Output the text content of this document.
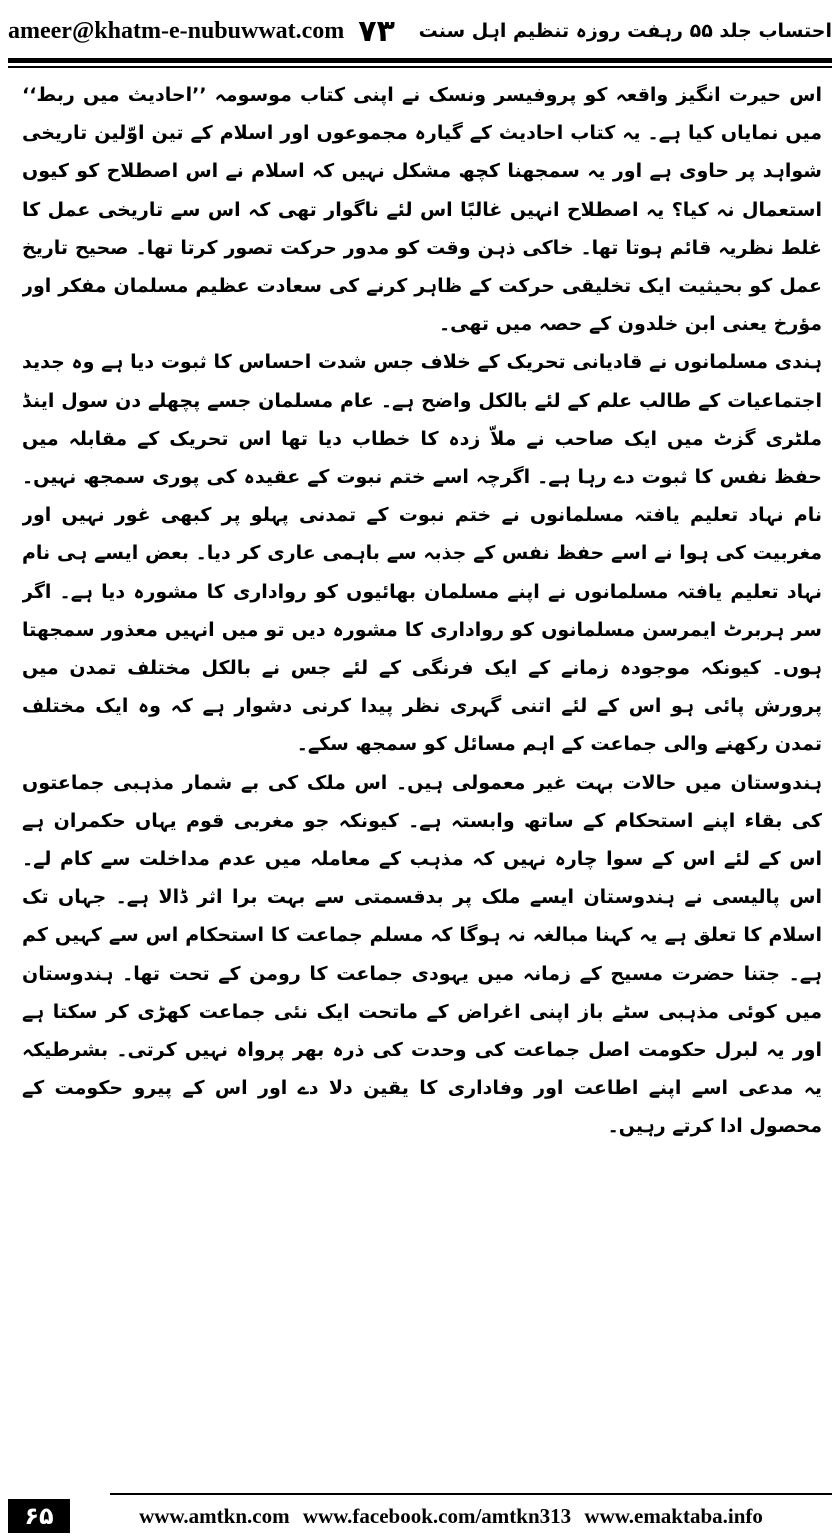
ameer@khatm-e-nubuwwat.com ۷۳ احتساب جلد ۵۵ رہفت روزہ تنظیم اہل سنت

اس حیرت انگیز واقعہ کو پروفیسر ونسک نے اپنی کتاب موسومہ ’’احادیث میں ربط‘‘ میں نمایاں کیا ہے۔ یہ کتاب احادیث کے گیارہ مجموعوں اور اسلام کے تین اوّلین تاریخی شواہد پر حاوی ہے اور یہ سمجھنا کچھ مشکل نہیں کہ اسلام نے اس اصطلاح کو کیوں استعمال نہ کیا؟ یہ اصطلاح انہیں غالبًا اس لئے ناگوار تھی کہ اس سے تاریخی عمل کا غلط نظریہ قائم ہوتا تھا۔ خاکی ذہن وقت کو مدور حرکت تصور کرتا تھا۔ صحیح تاریخ عمل کو بحیثیت ایک تخلیقی حرکت کے ظاہر کرنے کی سعادت عظیم مسلمان مفکر اور مؤرخ یعنی ابن خلدون کے حصہ میں تھی۔

ہندی مسلمانوں نے قادیانی تحریک کے خلاف جس شدت احساس کا ثبوت دیا ہے وہ جدید اجتماعیات کے طالب علم کے لئے بالکل واضح ہے۔ عام مسلمان جسے پچھلے دن سول اینڈ ملٹری گزٹ میں ایک صاحب نے ملاّ زدہ کا خطاب دیا تھا اس تحریک کے مقابلہ میں حفظ نفس کا ثبوت دے رہا ہے۔ اگرچہ اسے ختم نبوت کے عقیدہ کی پوری سمجھ نہیں۔ نام نہاد تعلیم یافتہ مسلمانوں نے ختم نبوت کے تمدنی پہلو پر کبھی غور نہیں اور مغربیت کی ہوا نے اسے حفظ نفس کے جذبہ سے باہمی عاری کر دیا۔ بعض ایسے ہی نام نہاد تعلیم یافتہ مسلمانوں نے اپنے مسلمان بھائیوں کو رواداری کا مشورہ دیا ہے۔ اگر سر ہربرٹ ایمرسن مسلمانوں کو رواداری کا مشورہ دیں تو میں انہیں معذور سمجھتا ہوں۔ کیونکہ موجودہ زمانے کے ایک فرنگی کے لئے جس نے بالکل مختلف تمدن میں پرورش پائی ہو اس کے لئے اتنی گہری نظر پیدا کرنی دشوار ہے کہ وہ ایک مختلف تمدن رکھنے والی جماعت کے اہم مسائل کو سمجھ سکے۔

ہندوستان میں حالات بہت غیر معمولی ہیں۔ اس ملک کی بے شمار مذہبی جماعتوں کی بقاء اپنے استحکام کے ساتھ وابستہ ہے۔ کیونکہ جو مغربی قوم یہاں حکمران ہے اس کے لئے اس کے سوا چارہ نہیں کہ مذہب کے معاملہ میں عدم مداخلت سے کام لے۔ اس پالیسی نے ہندوستان ایسے ملک پر بدقسمتی سے بہت برا اثر ڈالا ہے۔ جہاں تک اسلام کا تعلق ہے یہ کہنا مبالغہ نہ ہوگا کہ مسلم جماعت کا استحکام اس سے کہیں کم ہے۔ جتنا حضرت مسیح کے زمانہ میں یہودی جماعت کا رومن کے تحت تھا۔ ہندوستان میں کوئی مذہبی سٹے باز اپنی اغراض کے ماتحت ایک نئی جماعت کھڑی کر سکتا ہے اور یہ لبرل حکومت اصل جماعت کی وحدت کی ذرہ بھر پرواہ نہیں کرتی۔ بشرطیکہ یہ مدعی اسے اپنے اطاعت اور وفاداری کا یقین دلا دے اور اس کے پیرو حکومت کے محصول ادا کرتے رہیں۔

۶۵	www.amtkn.com www.facebook.com/amtkn313 www.emaktaba.info
